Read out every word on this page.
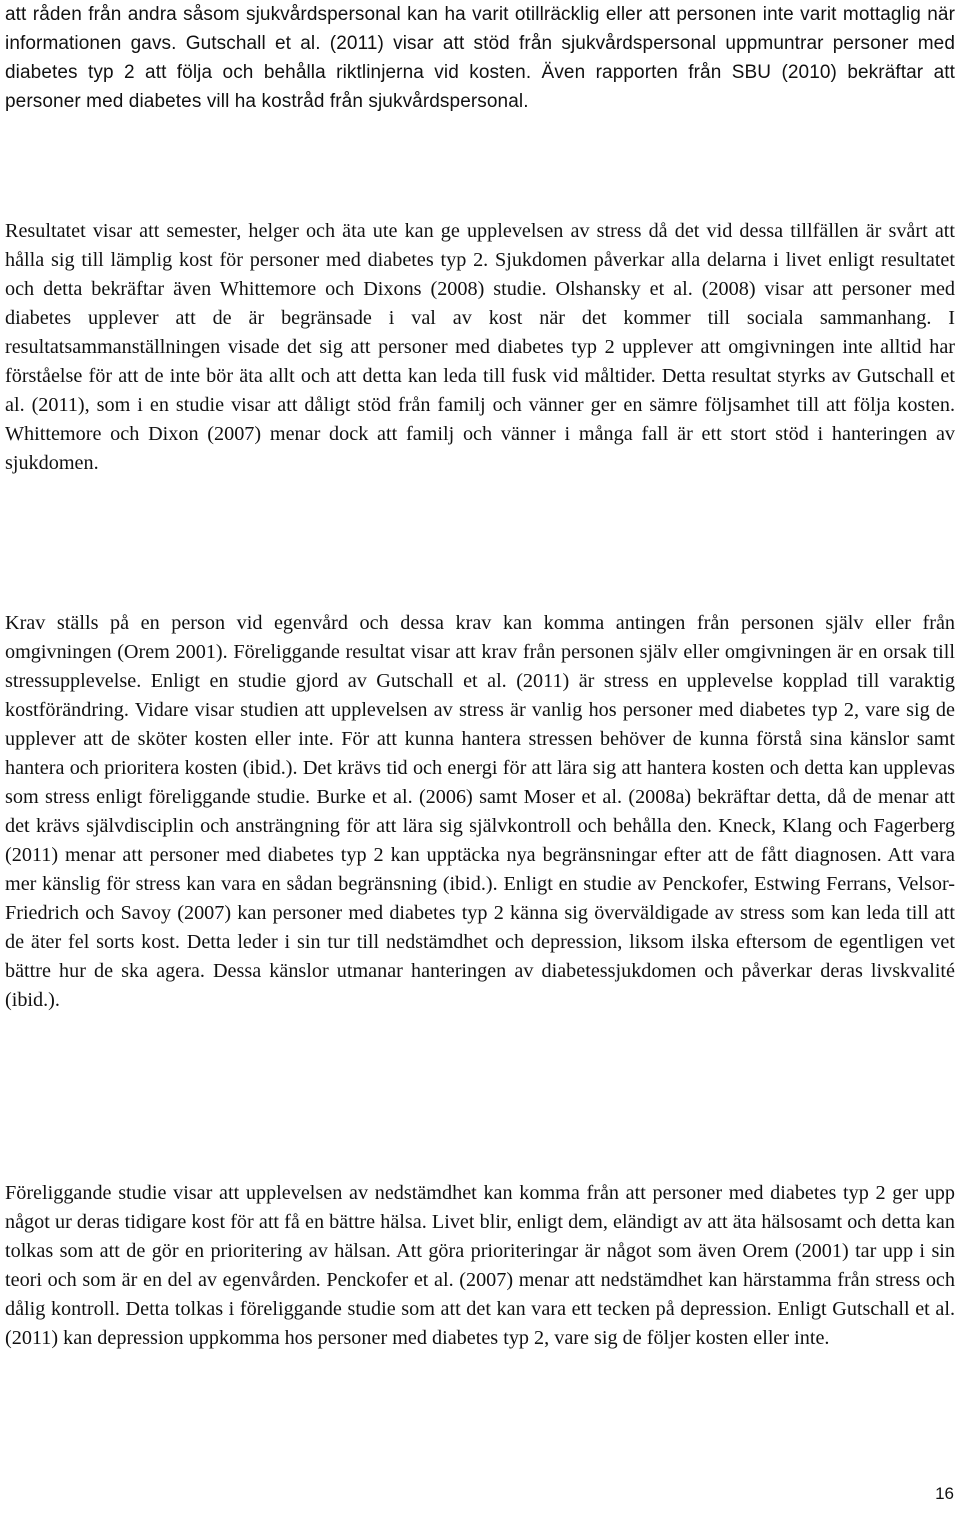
att råden från andra såsom sjukvårdspersonal kan ha varit otillräcklig eller att personen inte varit mottaglig när informationen gavs. Gutschall et al. (2011) visar att stöd från sjukvårdspersonal uppmuntrar personer med diabetes typ 2 att följa och behålla riktlinjerna vid kosten. Även rapporten från SBU (2010) bekräftar att personer med diabetes vill ha kostråd från sjukvårdspersonal.

Resultatet visar att semester, helger och äta ute kan ge upplevelsen av stress då det vid dessa tillfällen är svårt att hålla sig till lämplig kost för personer med diabetes typ 2. Sjukdomen påverkar alla delarna i livet enligt resultatet och detta bekräftar även Whittemore och Dixons (2008) studie. Olshansky et al. (2008) visar att personer med diabetes upplever att de är begränsade i val av kost när det kommer till sociala sammanhang. I resultatsammanställningen visade det sig att personer med diabetes typ 2 upplever att omgivningen inte alltid har förståelse för att de inte bör äta allt och att detta kan leda till fusk vid måltider. Detta resultat styrks av Gutschall et al. (2011), som i en studie visar att dåligt stöd från familj och vänner ger en sämre följsamhet till att följa kosten. Whittemore och Dixon (2007) menar dock att familj och vänner i många fall är ett stort stöd i hanteringen av sjukdomen.

Krav ställs på en person vid egenvård och dessa krav kan komma antingen från personen själv eller från omgivningen (Orem 2001). Föreliggande resultat visar att krav från personen själv eller omgivningen är en orsak till stressupplevelse. Enligt en studie gjord av Gutschall et al. (2011) är stress en upplevelse kopplad till varaktig kostförändring. Vidare visar studien att upplevelsen av stress är vanlig hos personer med diabetes typ 2, vare sig de upplever att de sköter kosten eller inte. För att kunna hantera stressen behöver de kunna förstå sina känslor samt hantera och prioritera kosten (ibid.). Det krävs tid och energi för att lära sig att hantera kosten och detta kan upplevas som stress enligt föreliggande studie. Burke et al. (2006) samt Moser et al. (2008a) bekräftar detta, då de menar att det krävs självdisciplin och ansträngning för att lära sig självkontroll och behålla den. Kneck, Klang och Fagerberg (2011) menar att personer med diabetes typ 2 kan upptäcka nya begränsningar efter att de fått diagnosen. Att vara mer känslig för stress kan vara en sådan begränsning (ibid.). Enligt en studie av Penckofer, Estwing Ferrans, Velsor-Friedrich och Savoy (2007) kan personer med diabetes typ 2 känna sig överväldigade av stress som kan leda till att de äter fel sorts kost. Detta leder i sin tur till nedstämdhet och depression, liksom ilska eftersom de egentligen vet bättre hur de ska agera. Dessa känslor utmanar hanteringen av diabetessjukdomen och påverkar deras livskvalité (ibid.).

Föreliggande studie visar att upplevelsen av nedstämdhet kan komma från att personer med diabetes typ 2 ger upp något ur deras tidigare kost för att få en bättre hälsa. Livet blir, enligt dem, eländigt av att äta hälsosamt och detta kan tolkas som att de gör en prioritering av hälsan. Att göra prioriteringar är något som även Orem (2001) tar upp i sin teori och som är en del av egenvården. Penckofer et al. (2007) menar att nedstämdhet kan härstamma från stress och dålig kontroll. Detta tolkas i föreliggande studie som att det kan vara ett tecken på depression. Enligt Gutschall et al. (2011) kan depression uppkomma hos personer med diabetes typ 2, vare sig de följer kosten eller inte.

16
